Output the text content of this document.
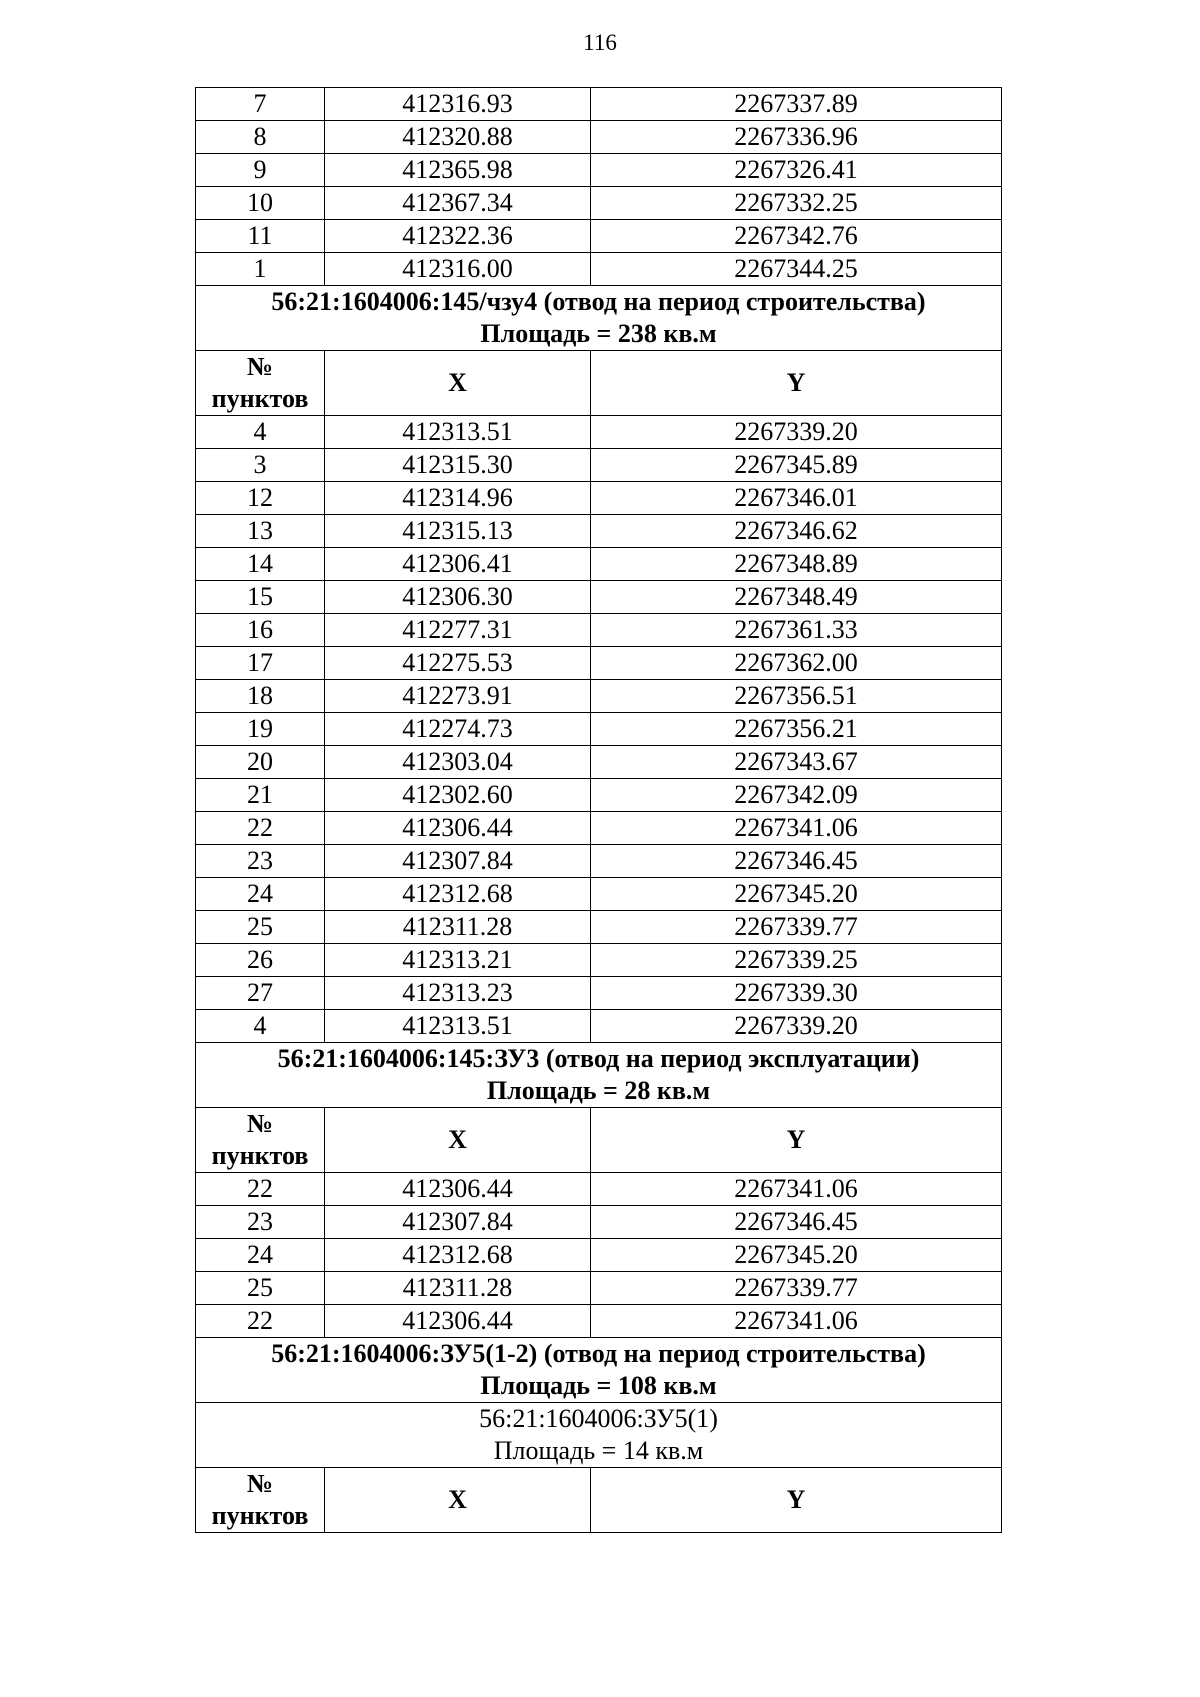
116
7	412316.93	2267337.89
8	412320.88	2267336.96
9	412365.98	2267326.41
10	412367.34	2267332.25
11	412322.36	2267342.76
1	412316.00	2267344.25

56:21:1604006:145/чзу4 (отвод на период строительства)
Площадь = 238 кв.м		

№
пунктов	X	Y
4	412313.51	2267339.20
3	412315.30	2267345.89
12	412314.96	2267346.01
13	412315.13	2267346.62
14	412306.41	2267348.89
15	412306.30	2267348.49
16	412277.31	2267361.33
17	412275.53	2267362.00
18	412273.91	2267356.51
19	412274.73	2267356.21
20	412303.04	2267343.67
21	412302.60	2267342.09
22	412306.44	2267341.06
23	412307.84	2267346.45
24	412312.68	2267345.20
25	412311.28	2267339.77
26	412313.21	2267339.25
27	412313.23	2267339.30
4	412313.51	2267339.20

56:21:1604006:145:ЗУ3 (отвод на период эксплуатации)
Площадь = 28 кв.м		

№
пунктов	X	Y
22	412306.44	2267341.06
23	412307.84	2267346.45
24	412312.68	2267345.20
25	412311.28	2267339.77
22	412306.44	2267341.06

56:21:1604006:ЗУ5(1-2) (отвод на период строительства)
Площадь = 108 кв.м		

56:21:1604006:ЗУ5(1)
Площадь = 14 кв.м		

№
пунктов	X	Y
